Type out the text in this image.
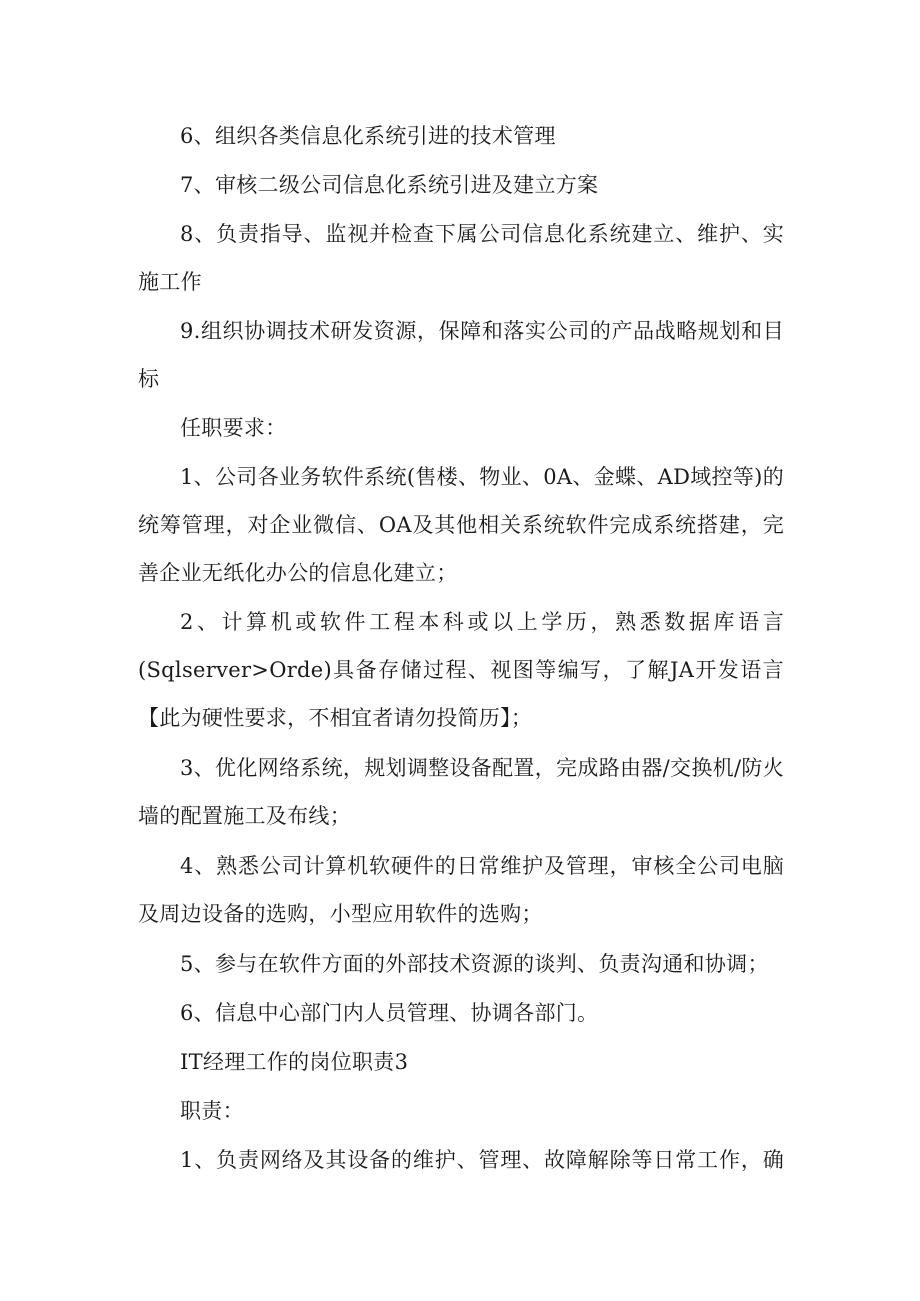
6、组织各类信息化系统引进的技术管理

7、审核二级公司信息化系统引进及建立方案

8、负责指导、监视并检查下属公司信息化系统建立、维护、实施工作

9.组织协调技术研发资源，保障和落实公司的产品战略规划和目标

任职要求：

1、公司各业务软件系统(售楼、物业、0A、金蝶、AD域控等)的统筹管理，对企业微信、OA及其他相关系统软件完成系统搭建，完善企业无纸化办公的信息化建立；

2、计算机或软件工程本科或以上学历，熟悉数据库语言(Sqlserver>Orde)具备存储过程、视图等编写，了解JA开发语言【此为硬性要求，不相宜者请勿投简历】；

3、优化网络系统，规划调整设备配置，完成路由器/交换机/防火墙的配置施工及布线；

4、熟悉公司计算机软硬件的日常维护及管理，审核全公司电脑及周边设备的选购，小型应用软件的选购；

5、参与在软件方面的外部技术资源的谈判、负责沟通和协调；

6、信息中心部门内人员管理、协调各部门。

IT经理工作的岗位职责3

职责：

1、负责网络及其设备的维护、管理、故障解除等日常工作，确
